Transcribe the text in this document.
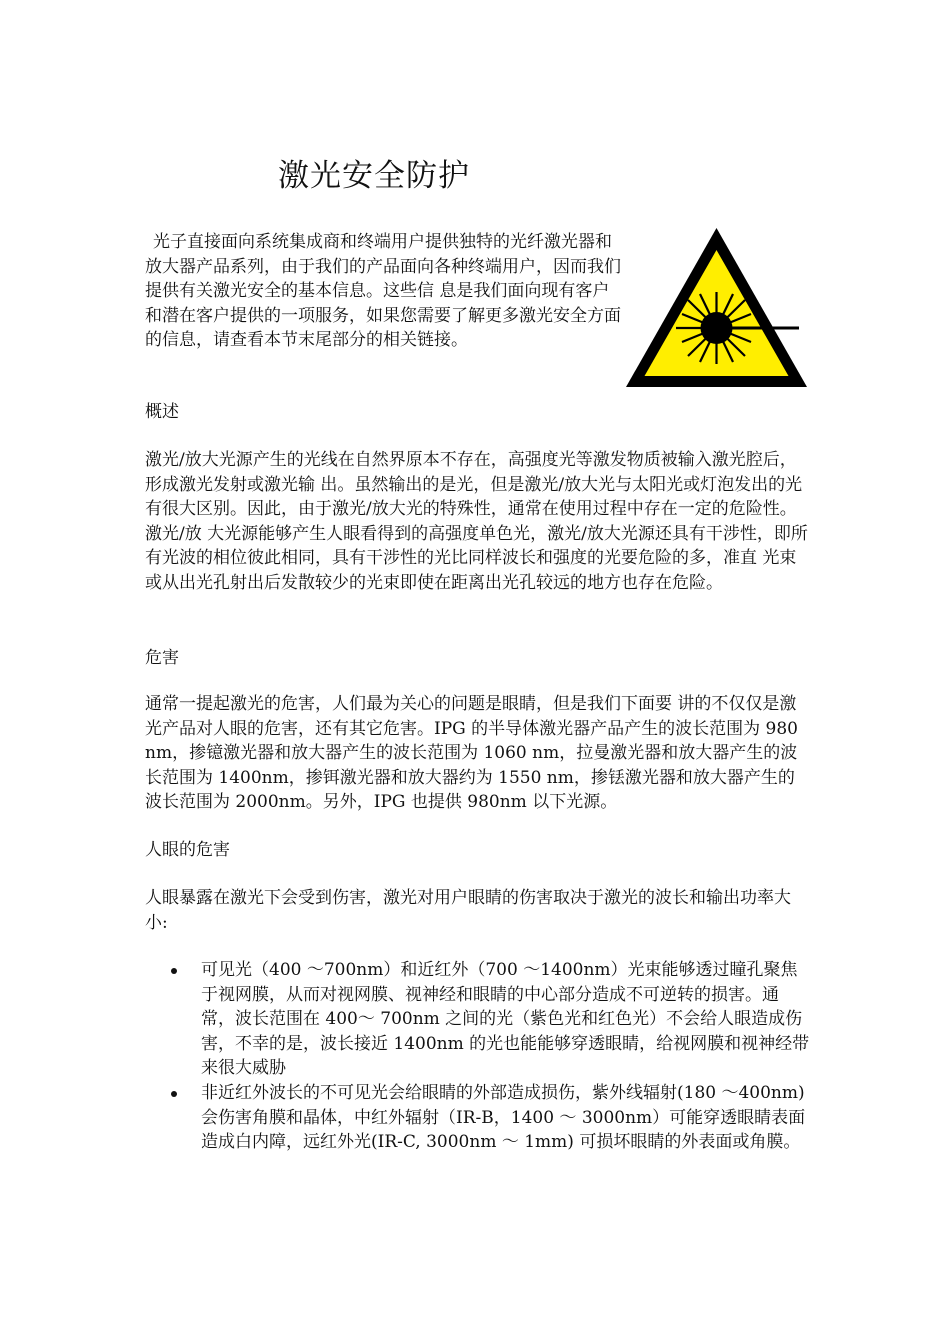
激光安全防护

光子直接面向系统集成商和终端用户提供独特的光纤激光器和放大器产品系列，由于我们的产品面向各种终端用户，因而我们提供有关激光安全的基本信息。这些信 息是我们面向现有客户和潜在客户提供的一项服务，如果您需要了解更多激光安全方面的信息，请查看本节末尾部分的相关链接。

概述

激光/放大光源产生的光线在自然界原本不存在，高强度光等激发物质被输入激光腔后，形成激光发射或激光输 出。虽然输出的是光，但是激光/放大光与太阳光或灯泡发出的光有很大区别。因此，由于激光/放大光的特殊性，通常在使用过程中存在一定的危险性。激光/放 大光源能够产生人眼看得到的高强度单色光，激光/放大光源还具有干涉性，即所有光波的相位彼此相同，具有干涉性的光比同样波长和强度的光要危险的多，准直 光束或从出光孔射出后发散较少的光束即使在距离出光孔较远的地方也存在危险。

危害

通常一提起激光的危害，人们最为关心的问题是眼睛，但是我们下面要 讲的不仅仅是激光产品对人眼的危害，还有其它危害。IPG 的半导体激光器产品产生的波长范围为 980 nm，掺镱激光器和放大器产生的波长范围为 1060 nm，拉曼激光器和放大器产生的波长范围为 1400nm，掺铒激光器和放大器约为 1550 nm，掺铥激光器和放大器产生的波长范围为 2000nm。另外，IPG 也提供 980nm 以下光源。

人眼的危害

人眼暴露在激光下会受到伤害，激光对用户眼睛的伤害取决于激光的波长和输出功率大小:

可见光（400 ～700nm）和近红外（700 ～1400nm）光束能够透过瞳孔聚焦于视网膜，从而对视网膜、视神经和眼睛的中心部分造成不可逆转的损害。通常，波长范围在 400～ 700nm 之间的光（紫色光和红色光）不会给人眼造成伤害，不幸的是，波长接近 1400nm 的光也能能够穿透眼睛，给视网膜和视神经带来很大威胁
非近红外波长的不可见光会给眼睛的外部造成损伤，紫外线辐射(180 ～400nm)会伤害角膜和晶体，中红外辐射（IR-B，1400 ～ 3000nm）可能穿透眼睛表面造成白内障，远红外光(IR-C, 3000nm ～ 1mm) 可损坏眼睛的外表面或角膜。
